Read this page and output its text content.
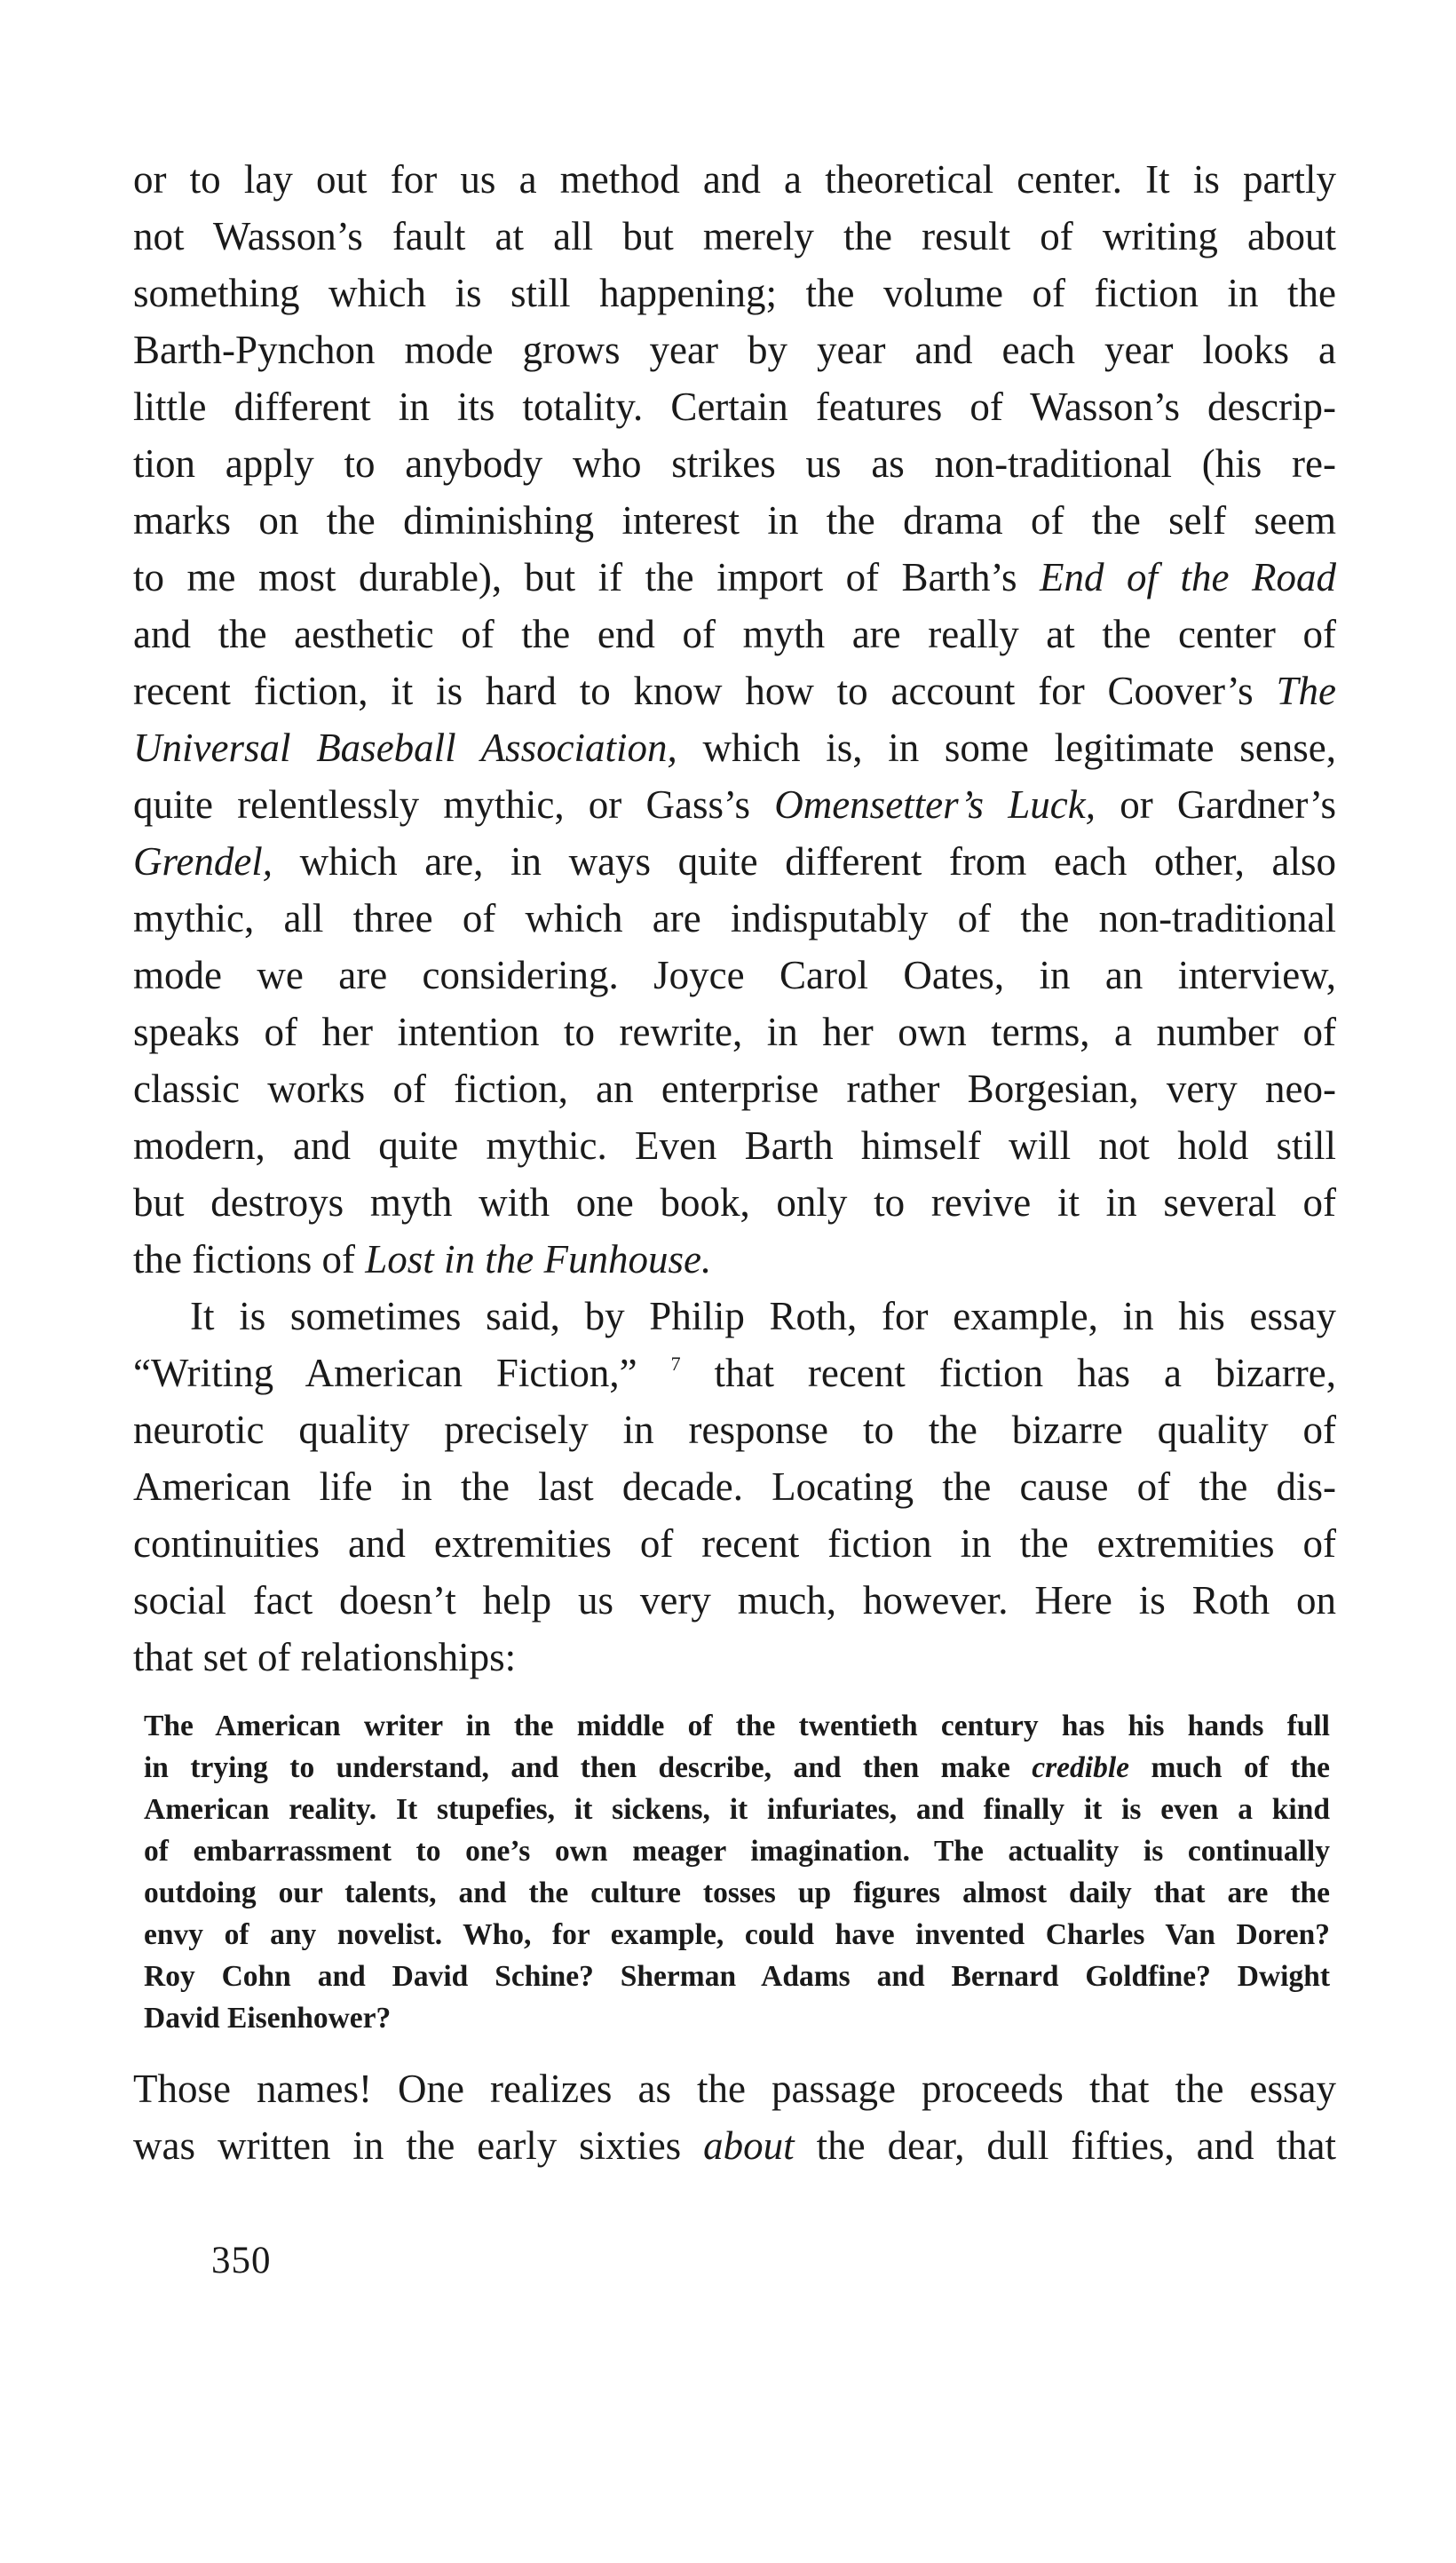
or to lay out for us a method and a theoretical center. It is partly
not Wasson’s fault at all but merely the result of writing about
something which is still happening; the volume of fiction in the
Barth-Pynchon mode grows year by year and each year looks a
little different in its totality. Certain features of Wasson’s descrip-
tion apply to anybody who strikes us as non-traditional (his re-
marks on the diminishing interest in the drama of the self seem
to me most durable), but if the import of Barth’s End of the Road
and the aesthetic of the end of myth are really at the center of
recent fiction, it is hard to know how to account for Coover’s The
Universal Baseball Association, which is, in some legitimate sense,
quite relentlessly mythic, or Gass’s Omensetter’s Luck, or Gardner’s
Grendel, which are, in ways quite different from each other, also
mythic, all three of which are indisputably of the non-traditional
mode we are considering. Joyce Carol Oates, in an interview,
speaks of her intention to rewrite, in her own terms, a number of
classic works of fiction, an enterprise rather Borgesian, very neo-
modern, and quite mythic. Even Barth himself will not hold still
but destroys myth with one book, only to revive it in several of
the fictions of Lost in the Funhouse.
It is sometimes said, by Philip Roth, for example, in his essay
“Writing American Fiction,” $^7$ that recent fiction has a bizarre,
neurotic quality precisely in response to the bizarre quality of
American life in the last decade. Locating the cause of the dis-
continuities and extremities of recent fiction in the extremities of
social fact doesn’t help us very much, however. Here is Roth on
that set of relationships:
The American writer in the middle of the twentieth century has his hands full
in trying to understand, and then describe, and then make credible much of the
American reality. It stupefies, it sickens, it infuriates, and finally it is even a kind
of embarrassment to one’s own meager imagination. The actuality is continually
outdoing our talents, and the culture tosses up figures almost daily that are the
envy of any novelist. Who, for example, could have invented Charles Van Doren?
Roy Cohn and David Schine? Sherman Adams and Bernard Goldfine? Dwight
David Eisenhower?
Those names! One realizes as the passage proceeds that the essay
was written in the early sixties about the dear, dull fifties, and that
350
